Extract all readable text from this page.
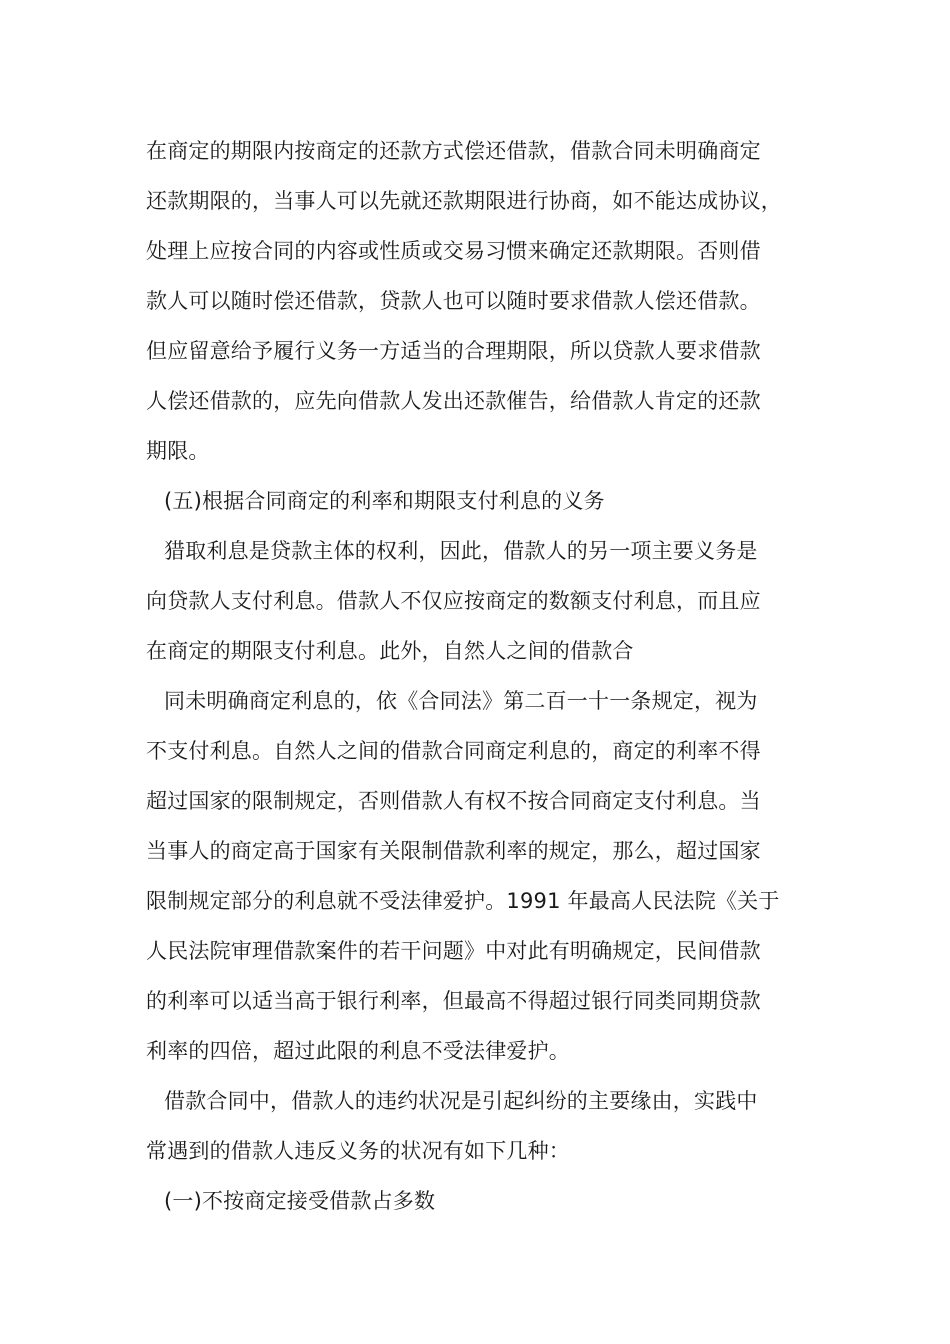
在商定的期限内按商定的还款方式偿还借款，借款合同未明确商定
还款期限的，当事人可以先就还款期限进行协商，如不能达成协议，
处理上应按合同的内容或性质或交易习惯来确定还款期限。否则借
款人可以随时偿还借款，贷款人也可以随时要求借款人偿还借款。
但应留意给予履行义务一方适当的合理期限，所以贷款人要求借款
人偿还借款的，应先向借款人发出还款催告，给借款人肯定的还款
期限。
(五)根据合同商定的利率和期限支付利息的义务
猎取利息是贷款主体的权利，因此，借款人的另一项主要义务是
向贷款人支付利息。借款人不仅应按商定的数额支付利息，而且应
在商定的期限支付利息。此外，自然人之间的借款合
同未明确商定利息的，依《合同法》第二百一十一条规定，视为
不支付利息。自然人之间的借款合同商定利息的，商定的利率不得
超过国家的限制规定，否则借款人有权不按合同商定支付利息。当
当事人的商定高于国家有关限制借款利率的规定，那么，超过国家
限制规定部分的利息就不受法律爱护。1991 年最高人民法院《关于
人民法院审理借款案件的若干问题》中对此有明确规定，民间借款
的利率可以适当高于银行利率，但最高不得超过银行同类同期贷款
利率的四倍，超过此限的利息不受法律爱护。
借款合同中，借款人的违约状况是引起纠纷的主要缘由，实践中
常遇到的借款人违反义务的状况有如下几种：
(一)不按商定接受借款占多数
